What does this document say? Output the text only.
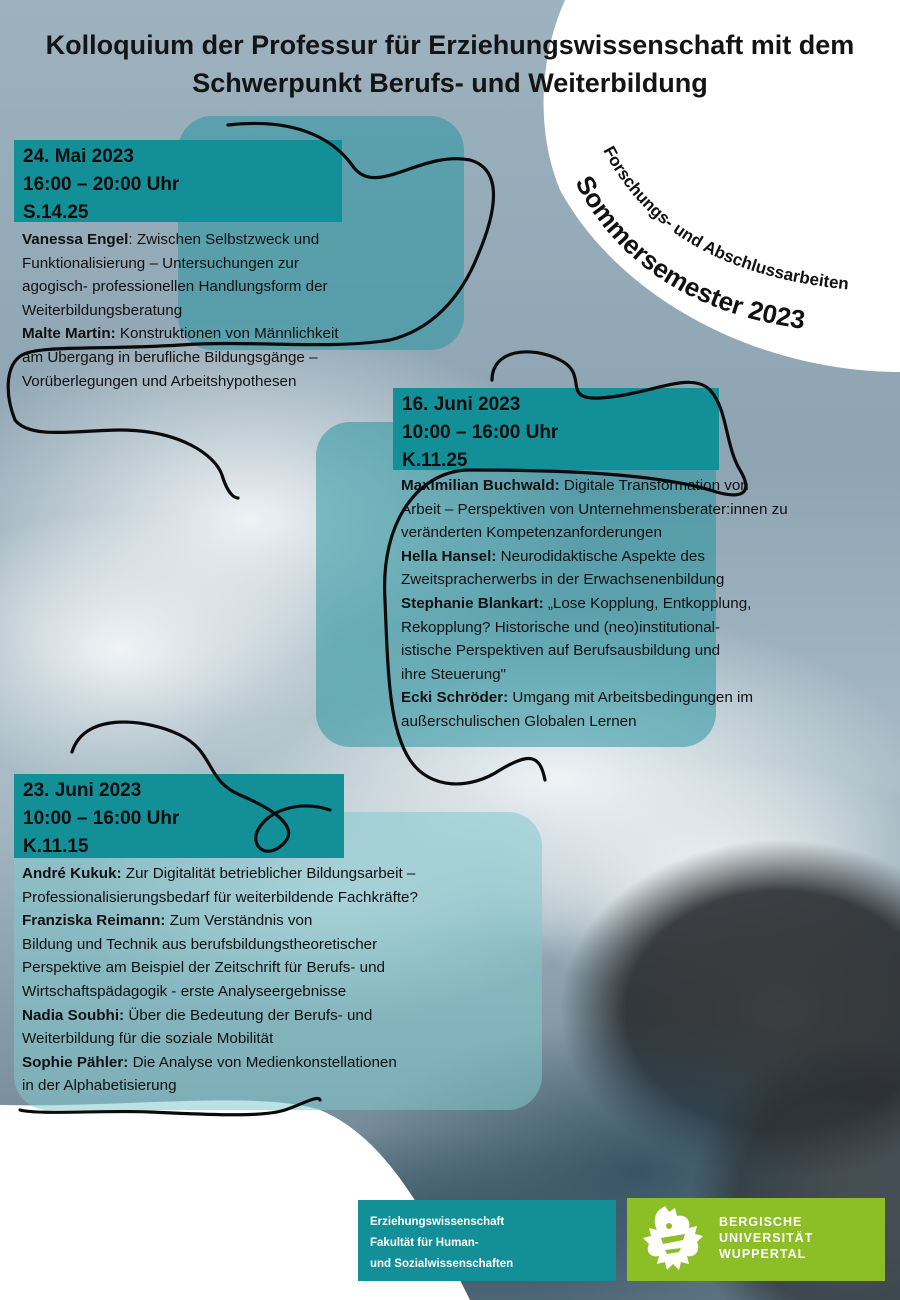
Kolloquium der Professur für Erziehungswissenschaft mit dem
Schwerpunkt Berufs- und Weiterbildung
Forschungs- und Abschlussarbeiten
Sommersemester 2023
24. Mai 2023
16:00 – 20:00 Uhr
S.14.25
Vanessa Engel: Zwischen Selbstzweck und
Funktionalisierung – Untersuchungen zur
agogisch- professionellen Handlungsform der
Weiterbildungsberatung
Malte Martin: Konstruktionen von Männlichkeit
am Übergang in berufliche Bildungsgänge –
Vorüberlegungen und Arbeitshypothesen
16. Juni 2023
10:00 – 16:00 Uhr
K.11.25
Maximilian Buchwald: Digitale Transformation von
Arbeit – Perspektiven von Unternehmensberater:innen zu
veränderten Kompetenzanforderungen
Hella Hansel: Neurodidaktische Aspekte des
Zweitspracherwerbs in der Erwachsenenbildung
Stephanie Blankart: „Lose Kopplung, Entkopplung,
Rekopplung? Historische und (neo)institutional-
istische Perspektiven auf Berufsausbildung und
ihre Steuerung"
Ecki Schröder: Umgang mit Arbeitsbedingungen im
außerschulischen Globalen Lernen
23. Juni 2023
10:00 – 16:00 Uhr
K.11.15
André Kukuk: Zur Digitalität betrieblicher Bildungsarbeit –
Professionalisierungsbedarf für weiterbildende Fachkräfte?
Franziska Reimann: Zum Verständnis von
Bildung und Technik aus berufsbildungstheoretischer
Perspektive am Beispiel der Zeitschrift für Berufs- und
Wirtschaftspädagogik - erste Analyseergebnisse
Nadia Soubhi: Über die Bedeutung der Berufs- und
Weiterbildung für die soziale Mobilität
Sophie Pähler: Die Analyse von Medienkonstellationen
in der Alphabetisierung
Erziehungswissenschaft
Fakultät für Human-
und Sozialwissenschaften
BERGISCHE
UNIVERSITÄT
WUPPERTAL
